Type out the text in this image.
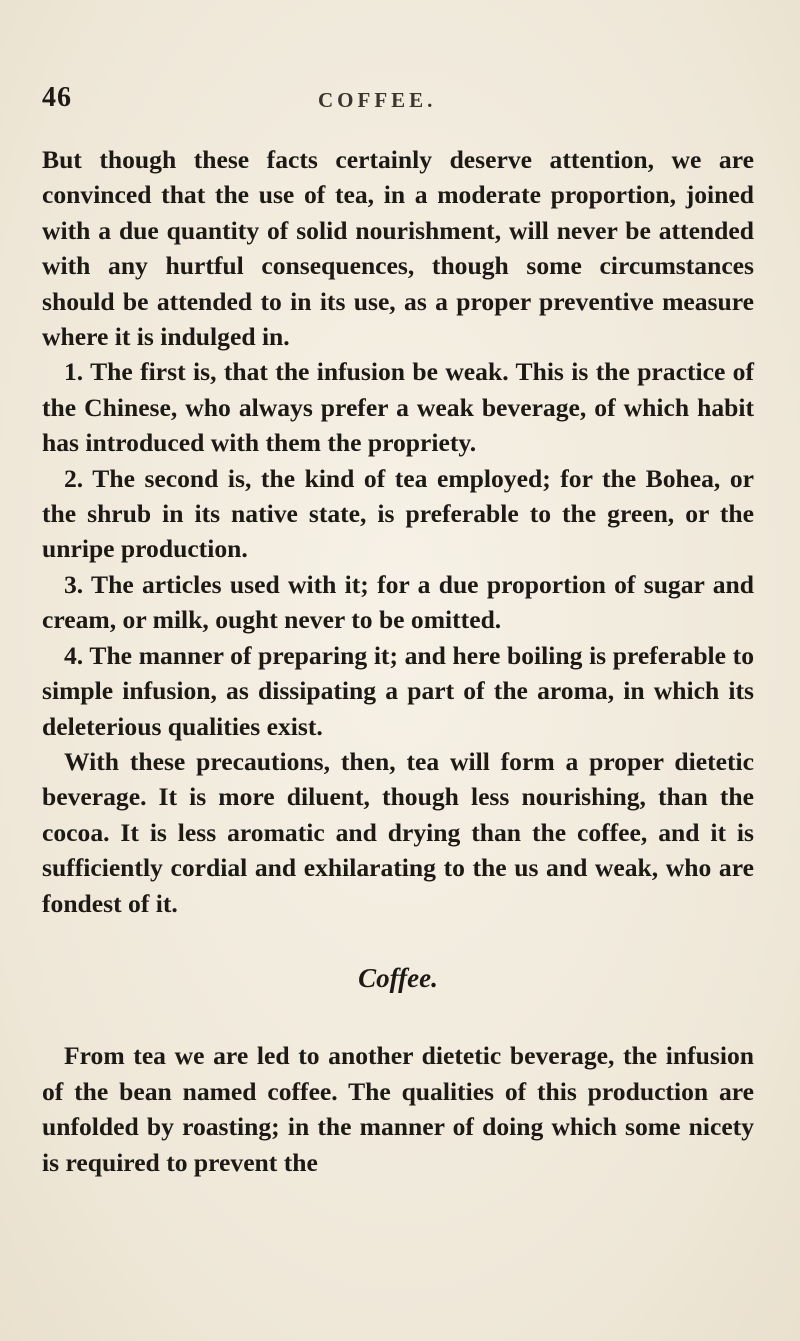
46	COFFEE.

But though these facts certainly deserve attention, we are convinced that the use of tea, in a moderate proportion, joined with a due quantity of solid nourishment, will never be attended with any hurtful consequences, though some circumstances should be attended to in its use, as a proper preventive measure where it is indulged in.

1. The first is, that the infusion be weak. This is the practice of the Chinese, who always prefer a weak beverage, of which habit has introduced with them the propriety.

2. The second is, the kind of tea employed; for the Bohea, or the shrub in its native state, is preferable to the green, or the unripe production.

3. The articles used with it; for a due proportion of sugar and cream, or milk, ought never to be omitted.

4. The manner of preparing it; and here boiling is preferable to simple infusion, as dissipating a part of the aroma, in which its deleterious qualities exist.

With these precautions, then, tea will form a proper dietetic beverage. It is more diluent, though less nourishing, than the cocoa. It is less aromatic and drying than the coffee, and it is sufficiently cordial and exhilarating to the us and weak, who are fondest of it.

Coffee.

From tea we are led to another dietetic beverage, the infusion of the bean named coffee. The qualities of this production are unfolded by roasting; in the manner of doing which some nicety is required to prevent the
